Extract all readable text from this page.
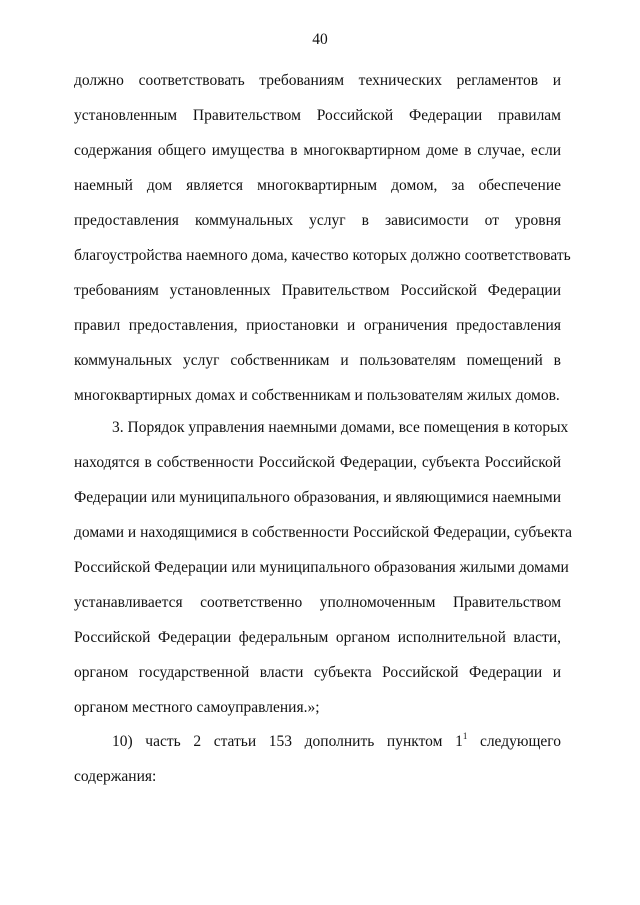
40
должно соответствовать требованиям технических регламентов и
установленным Правительством Российской Федерации правилам
содержания общего имущества в многоквартирном доме в случае, если
наемный дом является многоквартирным домом, за обеспечение
предоставления коммунальных услуг в зависимости от уровня
благоустройства наемного дома, качество которых должно соответствовать
требованиям установленных Правительством Российской Федерации
правил предоставления, приостановки и ограничения предоставления
коммунальных услуг собственникам и пользователям помещений в
многоквартирных домах и собственникам и пользователям жилых домов.
3. Порядок управления наемными домами, все помещения в которых
находятся в собственности Российской Федерации, субъекта Российской
Федерации или муниципального образования, и являющимися наемными
домами и находящимися в собственности Российской Федерации, субъекта
Российской Федерации или муниципального образования жилыми домами
устанавливается соответственно уполномоченным Правительством
Российской Федерации федеральным органом исполнительной власти,
органом государственной власти субъекта Российской Федерации и
органом местного самоуправления.»;
10) часть 2 статьи 153 дополнить пунктом $1^1$ следующего
содержания:
